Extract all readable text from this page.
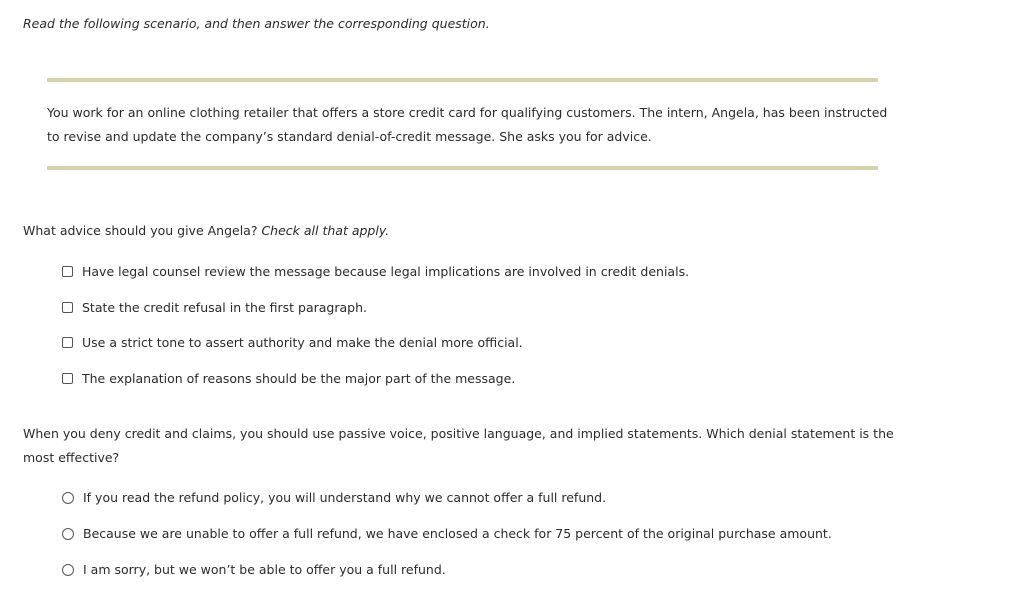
Read the following scenario, and then answer the corresponding question.
You work for an online clothing retailer that offers a store credit card for qualifying customers. The intern, Angela, has been instructed to revise and update the company’s standard denial-of-credit message. She asks you for advice.
What advice should you give Angela? Check all that apply.
Have legal counsel review the message because legal implications are involved in credit denials.
State the credit refusal in the first paragraph.
Use a strict tone to assert authority and make the denial more official.
The explanation of reasons should be the major part of the message.
When you deny credit and claims, you should use passive voice, positive language, and implied statements. Which denial statement is the most effective?
If you read the refund policy, you will understand why we cannot offer a full refund.
Because we are unable to offer a full refund, we have enclosed a check for 75 percent of the original purchase amount.
I am sorry, but we won’t be able to offer you a full refund.
